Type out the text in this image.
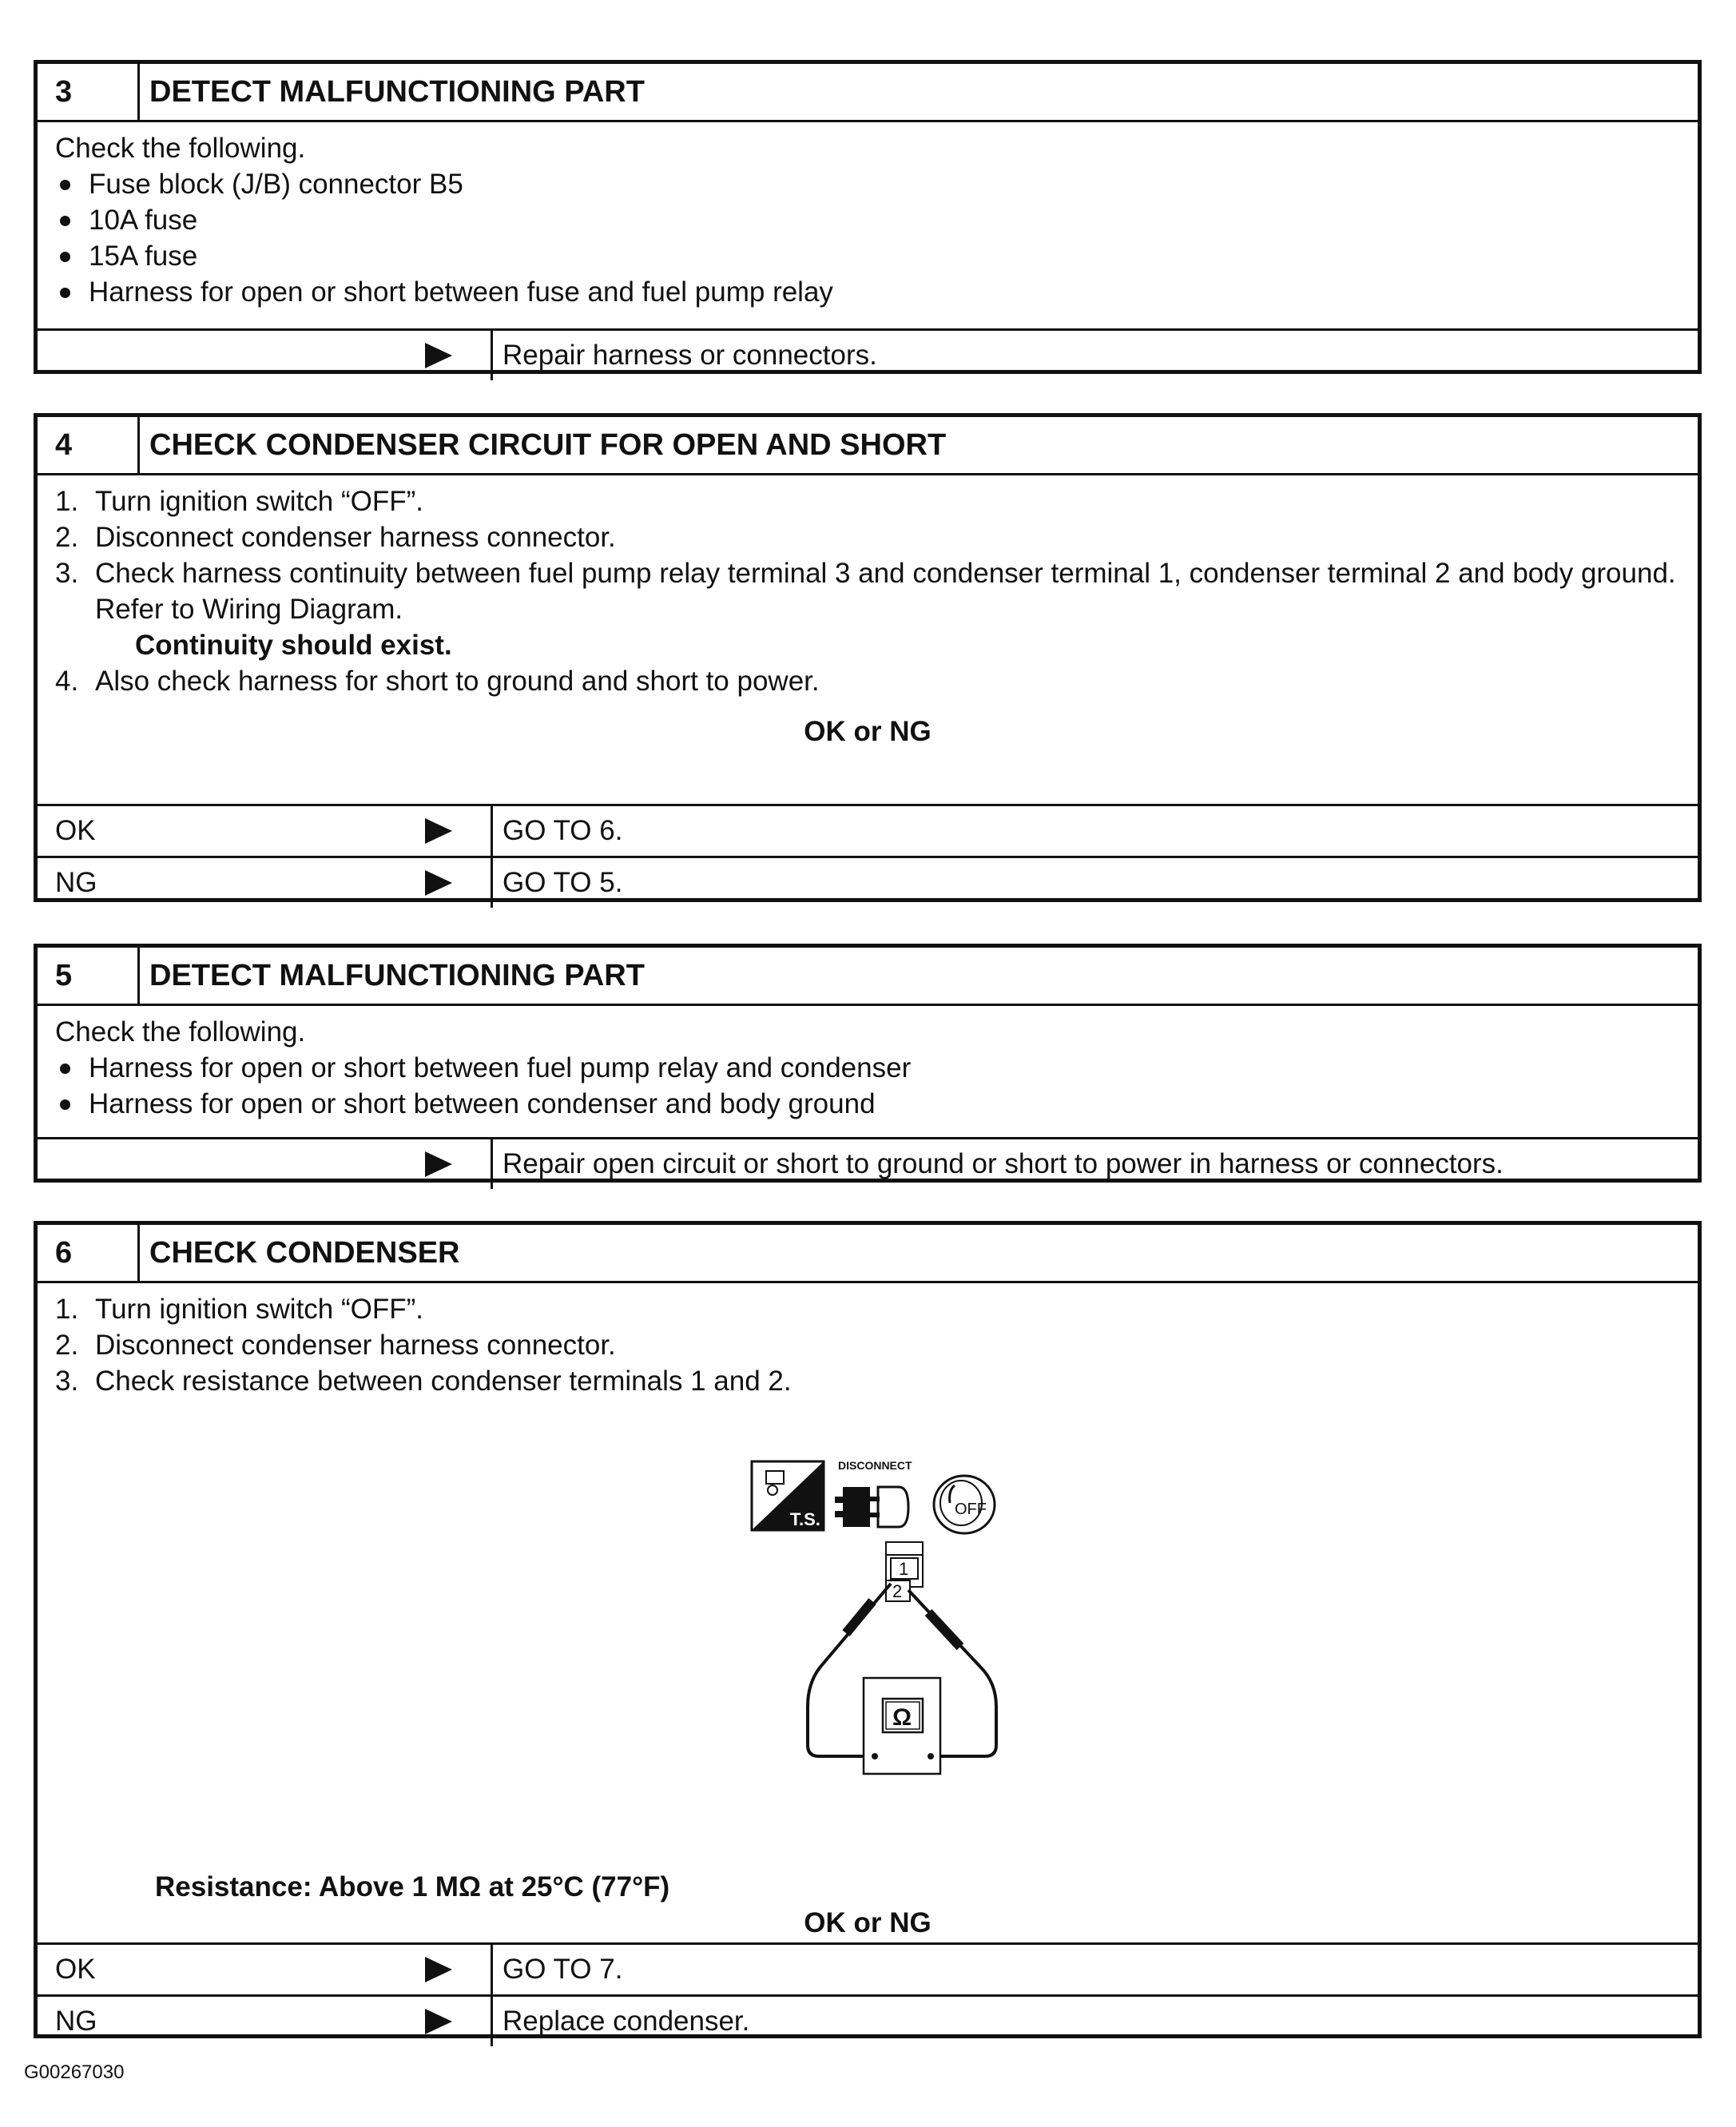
3	DETECT MALFUNCTIONING PART

Check the following.

Fuse block (J/B) connector B5

10A fuse

15A fuse

Harness for open or short between fuse and fuel pump relay

Repair harness or connectors.
4	CHECK CONDENSER CIRCUIT FOR OPEN AND SHORT

1. Turn ignition switch “OFF”.

2. Disconnect condenser harness connector.

3. Check harness continuity between fuel pump relay terminal 3 and condenser terminal 1, condenser terminal 2 and body ground.

Refer to Wiring Diagram.

Continuity should exist.

4. Also check harness for short to ground and short to power.

OK or NG

OK	GO TO 6.
NG	GO TO 5.
5	DETECT MALFUNCTIONING PART

Check the following.

Harness for open or short between fuel pump relay and condenser

Harness for open or short between condenser and body ground

Repair open circuit or short to ground or short to power in harness or connectors.
6	CHECK CONDENSER

1. Turn ignition switch “OFF”.

2. Disconnect condenser harness connector.

3. Check resistance between condenser terminals 1 and 2.

T.S.
DISCONNECT
OFF
1
2
Ω

Resistance: Above 1 MΩ at 25°C (77°F)

OK or NG

OK	GO TO 7.
NG	Replace condenser.
G00267030
